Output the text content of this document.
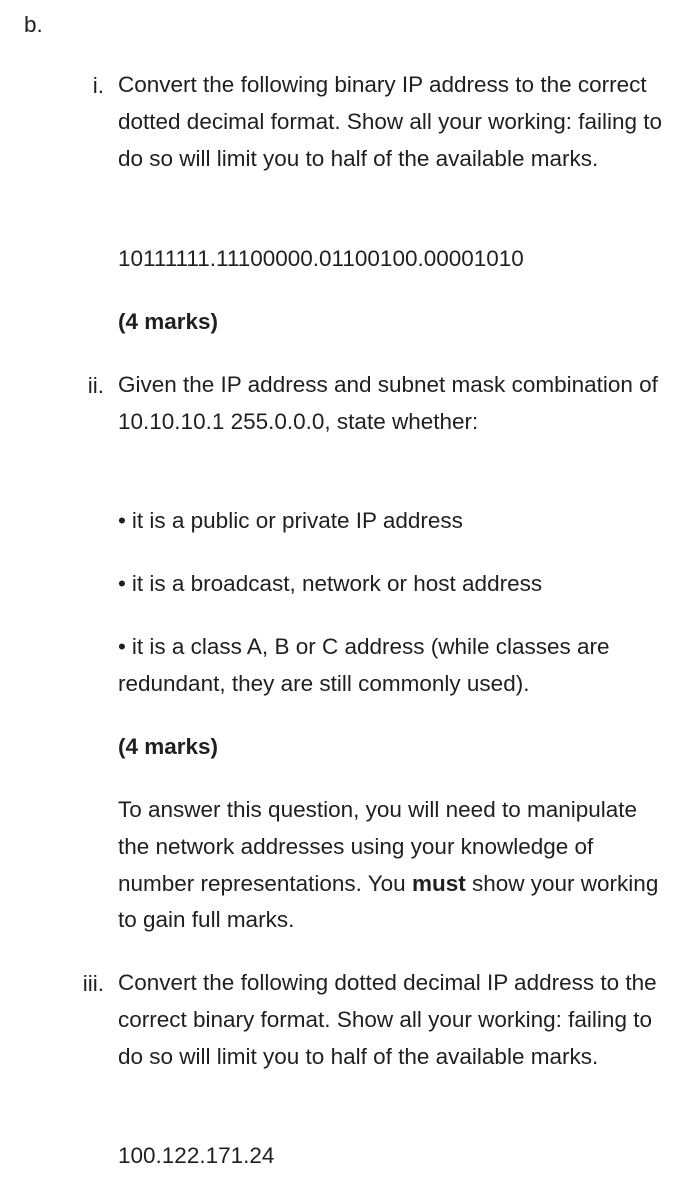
b.
i. Convert the following binary IP address to the correct dotted decimal format. Show all your working: failing to do so will limit you to half of the available marks.

10111111.11100000.01100100.00001010

(4 marks)

ii. Given the IP address and subnet mask combination of 10.10.10.1 255.0.0.0, state whether:

• it is a public or private IP address

• it is a broadcast, network or host address

• it is a class A, B or C address (while classes are redundant, they are still commonly used).

(4 marks)

To answer this question, you will need to manipulate the network addresses using your knowledge of number representations. You must show your working to gain full marks.

iii. Convert the following dotted decimal IP address to the correct binary format. Show all your working: failing to do so will limit you to half of the available marks.

100.122.171.24
